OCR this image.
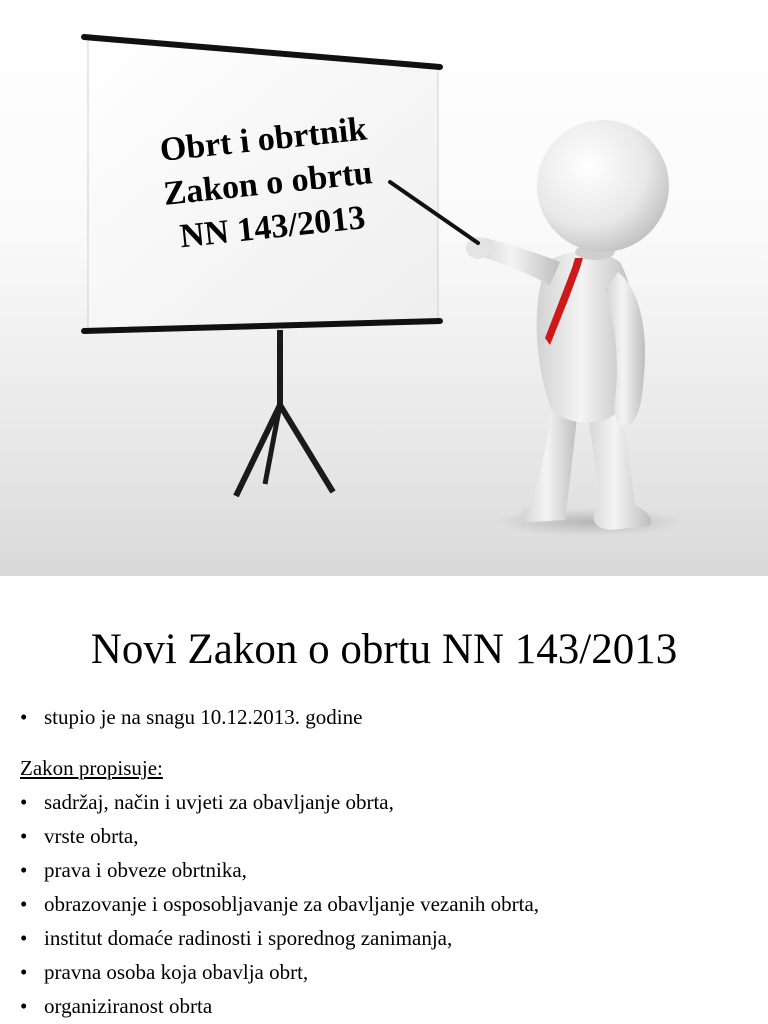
Obrt i obrtnik
Zakon o obrtu
NN 143/2013
Novi Zakon o obrtu NN 143/2013
• stupio je na snagu 10.12.2013. godine
Zakon propisuje:
• sadržaj, način i uvjeti za obavljanje obrta,
• vrste obrta,
• prava i obveze obrtnika,
• obrazovanje i osposobljavanje za obavljanje vezanih obrta,
• institut domaće radinosti i sporednog zanimanja,
• pravna osoba koja obavlja obrt,
• organiziranost obrta
